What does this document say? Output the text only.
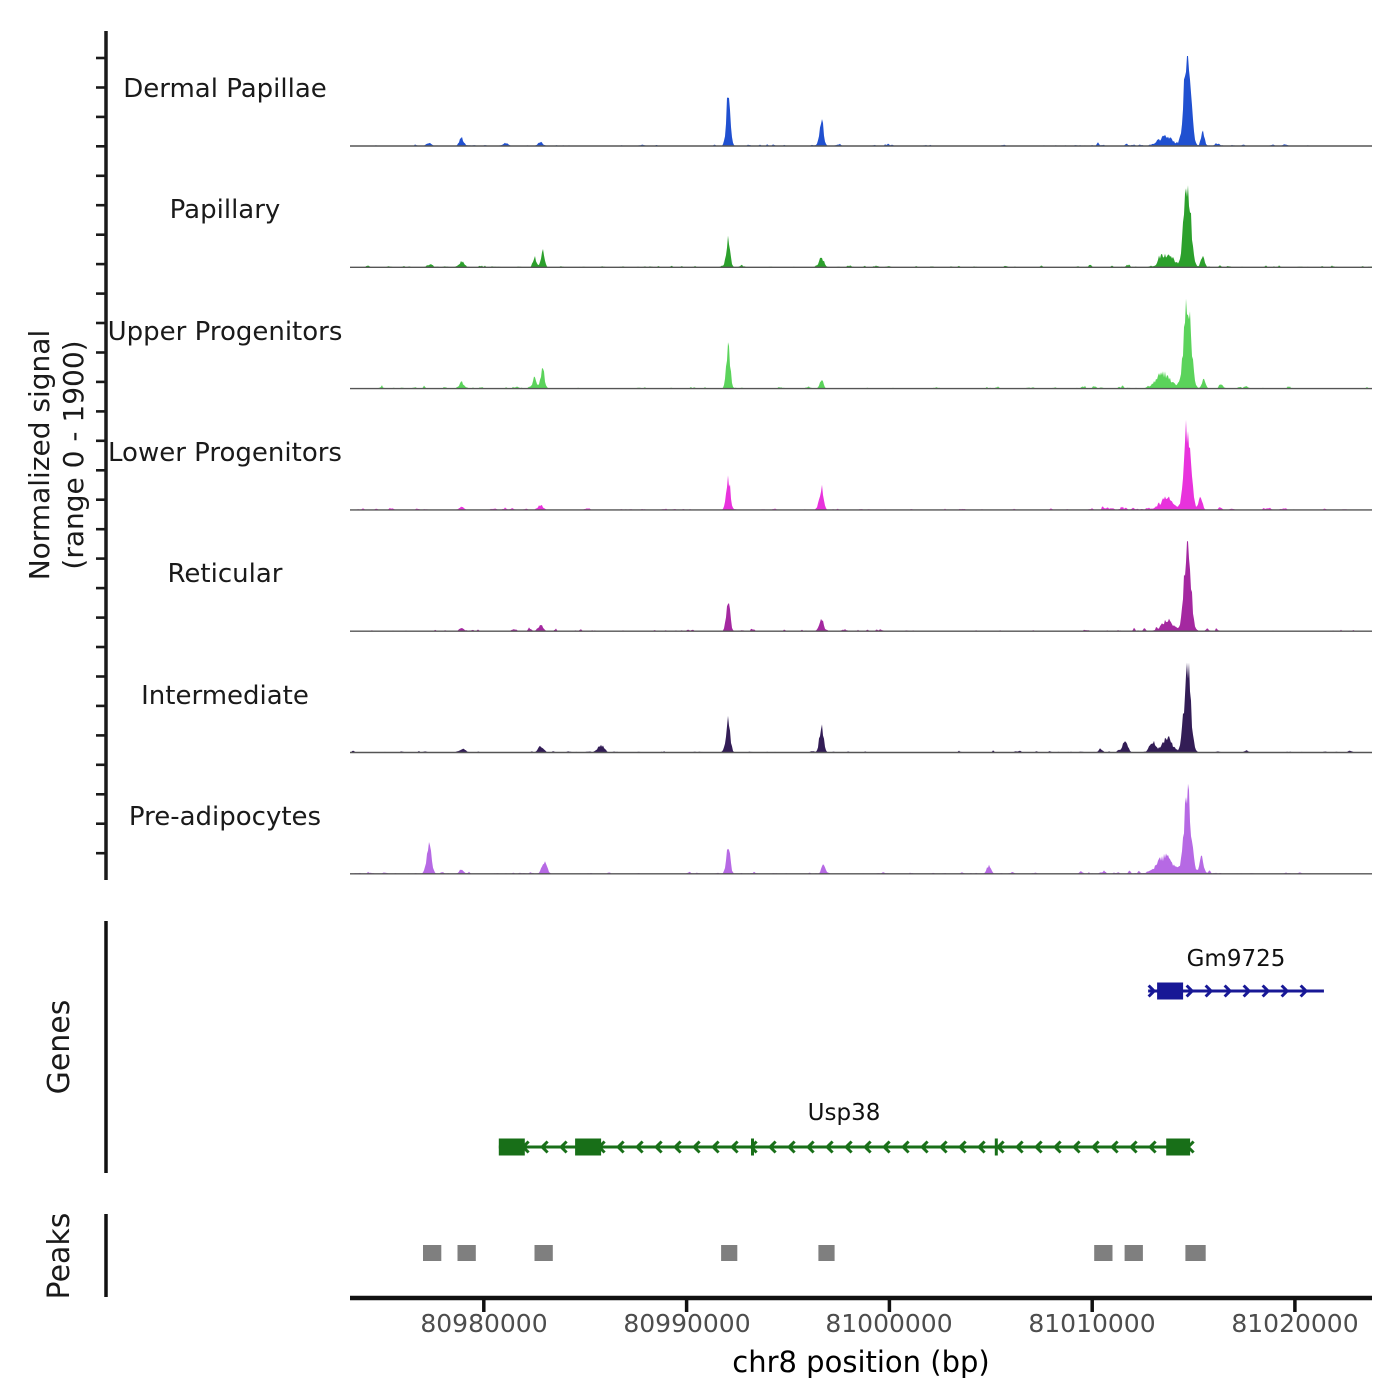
Normalized signal (range 0 - 1900)
Dermal Papillae
Papillary
Upper Progenitors
Lower Progenitors
Reticular
Intermediate
Pre-adipocytes
Genes
Peaks
Gm9725
Usp38
80980000	80990000	81000000	81010000	81020000
chr8 position (bp)
